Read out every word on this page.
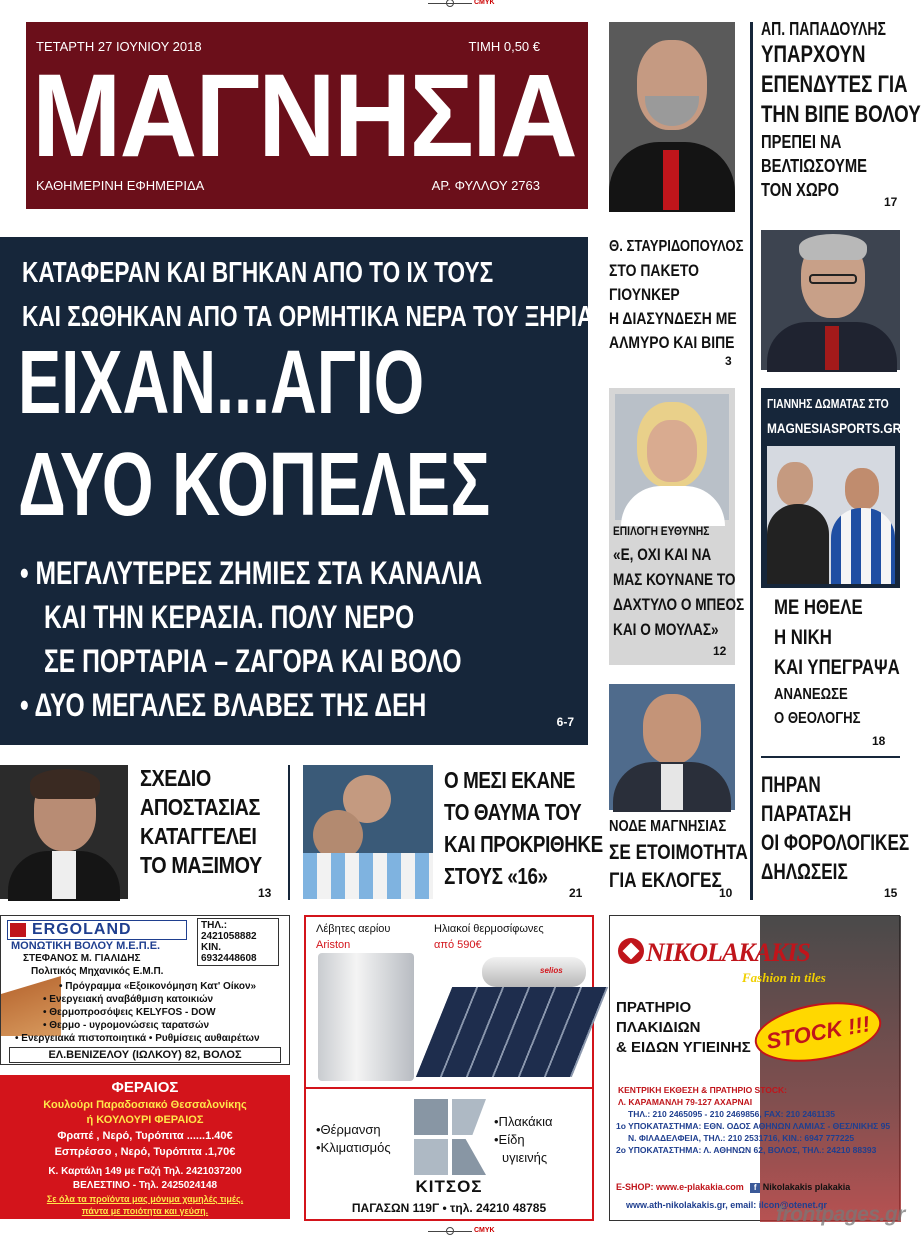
CMYK
ΤΕΤΑΡΤΗ 27 ΙΟΥΝΙΟΥ 2018	ΤΙΜΗ 0,50 €
ΜΑΓΝΗΣΙΑ
ΚΑΘΗΜΕΡΙΝΗ ΕΦΗΜΕΡΙΔΑ	ΑΡ. ΦΥΛΛΟΥ 2763
ΚΑΤΑΦΕΡΑΝ ΚΑΙ ΒΓΗΚΑΝ ΑΠΟ ΤΟ ΙΧ ΤΟΥΣ
ΚΑΙ ΣΩΘΗΚΑΝ ΑΠΟ ΤΑ ΟΡΜΗΤΙΚΑ ΝΕΡΑ ΤΟΥ ΞΗΡΙΑ
ΕΙΧΑΝ...ΑΓΙΟ
ΔΥΟ ΚΟΠΕΛΕΣ
• ΜΕΓΑΛΥΤΕΡΕΣ ΖΗΜΙΕΣ ΣΤΑ ΚΑΝΑΛΙΑ
ΚΑΙ ΤΗΝ ΚΕΡΑΣΙΑ. ΠΟΛΥ ΝΕΡΟ
ΣΕ ΠΟΡΤΑΡΙΑ – ΖΑΓΟΡΑ ΚΑΙ ΒΟΛΟ
• ΔΥΟ ΜΕΓΑΛΕΣ ΒΛΑΒΕΣ ΤΗΣ ΔΕΗ	6-7
ΣΧΕΔΙΟ
ΑΠΟΣΤΑΣΙΑΣ
ΚΑΤΑΓΓΕΛΕΙ
ΤΟ ΜΑΞΙΜΟΥ
13
Ο ΜΕΣΙ ΕΚΑΝΕ
ΤΟ ΘΑΥΜΑ ΤΟΥ
ΚΑΙ ΠΡΟΚΡΙΘΗΚΕ
ΣΤΟΥΣ «16»
21
Θ. ΣΤΑΥΡΙΔΟΠΟΥΛΟΣ
ΣΤΟ ΠΑΚΕΤΟ
ΓΙΟΥΝΚΕΡ
Η ΔΙΑΣΥΝΔΕΣΗ ΜΕ
ΑΛΜΥΡΟ ΚΑΙ ΒΙΠΕ
3
ΕΠΙΛΟΓΗ ΕΥΘΥΝΗΣ
«Ε, ΟΧΙ ΚΑΙ ΝΑ
ΜΑΣ ΚΟΥΝΑΝΕ ΤΟ
ΔΑΧΤΥΛΟ Ο ΜΠΕΟΣ
ΚΑΙ Ο ΜΟΥΛΑΣ»
12
ΝΟΔΕ ΜΑΓΝΗΣΙΑΣ
ΣΕ ΕΤΟΙΜΟΤΗΤΑ
ΓΙΑ ΕΚΛΟΓΕΣ
10
ΑΠ. ΠΑΠΑΔΟΥΛΗΣ
ΥΠΑΡΧΟΥΝ
ΕΠΕΝΔΥΤΕΣ ΓΙΑ
ΤΗΝ ΒΙΠΕ ΒΟΛΟΥ
ΠΡΕΠΕΙ ΝΑ
ΒΕΛΤΙΩΣΟΥΜΕ
ΤΟΝ ΧΩΡΟ
17
ΓΙΑΝΝΗΣ ΔΩΜΑΤΑΣ ΣΤΟ
MAGNESIASPORTS.GR
ΜΕ ΗΘΕΛΕ
Η ΝΙΚΗ
ΚΑΙ ΥΠΕΓΡΑΨΑ
ΑΝΑΝΕΩΣΕ
Ο ΘΕΟΛΟΓΗΣ
18
ΠΗΡΑΝ
ΠΑΡΑΤΑΣΗ
ΟΙ ΦΟΡΟΛΟΓΙΚΕΣ
ΔΗΛΩΣΕΙΣ
15
ERGOLAND	ΤΗΛ.:
2421058882
ΚΙΝ.
6932448608
ΜΟΝΩΤΙΚΗ ΒΟΛΟΥ Μ.Ε.Π.Ε.
ΣΤΕΦΑΝΟΣ Μ. ΓΙΑΛΙΔΗΣ
Πολιτικός Μηχανικός Ε.Μ.Π.
• Πρόγραμμα «Εξοικονόμηση Κατ' Οίκον»
• Ενεργειακή αναβάθμιση κατοικιών
• Θερμοπροσόψεις KELYFOS - DOW
• Θερμο - υγρομονώσεις ταρατσών
• Ενεργειακά πιστοποιητικά • Ρυθμίσεις αυθαιρέτων
ΕΛ.ΒΕΝΙΖΕΛΟΥ (ΙΩΛΚΟΥ) 82, ΒΟΛΟΣ
ΦΕΡΑΙΟΣ
Κουλούρι Παραδοσιακό Θεσσαλονίκης
ή ΚΟΥΛΟΥΡΙ ΦΕΡΑΙΟΣ
Φραπέ , Νερό, Τυρόπιτα ......1.40€
Εσπρέσσο , Νερό, Τυρόπιτα .1,70€
Κ. Καρτάλη 149 με Γαζή Τηλ. 2421037200
ΒΕΛΕΣΤΙΝΟ - Τηλ. 2425024148
Σε όλα τα προϊόντα μας μόνιμα χαμηλές τιμές,
πάντα με ποιότητα και γεύση.
Λέβητες αερίου
Ariston
Ηλιακοί θερμοσίφωνες
από 590€
selios
•Θέρμανση
•Κλιματισμός
•Πλακάκια
•Είδη
υγιεινής
ΚΙΤΣΟΣ
ΠΑΓΑΣΩΝ 119Γ • τηλ. 24210 48785
NIKOLAKAKIS
Fashion in tiles
ΠΡΑΤΗΡΙΟ
ΠΛΑΚΙΔΙΩΝ
& ΕΙΔΩΝ ΥΓΙΕΙΝΗΣ STOCK !!!
ΚΕΝΤΡΙΚΗ ΕΚΘΕΣΗ & ΠΡΑΤΗΡΙΟ STOCK:
Λ. ΚΑΡΑΜΑΝΛΗ 79-127 ΑΧΑΡΝΑΙ
ΤΗΛ.: 210 2465095 - 210 2469856, FAX: 210 2461135
1ο ΥΠΟΚΑΤΑΣΤΗΜΑ: ΕΘΝ. ΟΔΟΣ ΑΘΗΝΩΝ ΛΑΜΙΑΣ - ΘΕΣ/ΝΙΚΗΣ 95
Ν. ΦΙΛΑΔΕΛΦΕΙΑ, ΤΗΛ.: 210 2531716, ΚΙΝ.: 6947 777225
2ο ΥΠΟΚΑΤΑΣΤΗΜΑ: Λ. ΑΘΗΝΩΝ 62, ΒΟΛΟΣ, ΤΗΛ.: 24210 88393
E-SHOP: www.e-plakakia.com f Nikolakakis plakakia
www.ath-nikolakakis.gr, email: ilcon@otenet.gr
frontpages.gr
CMYK
